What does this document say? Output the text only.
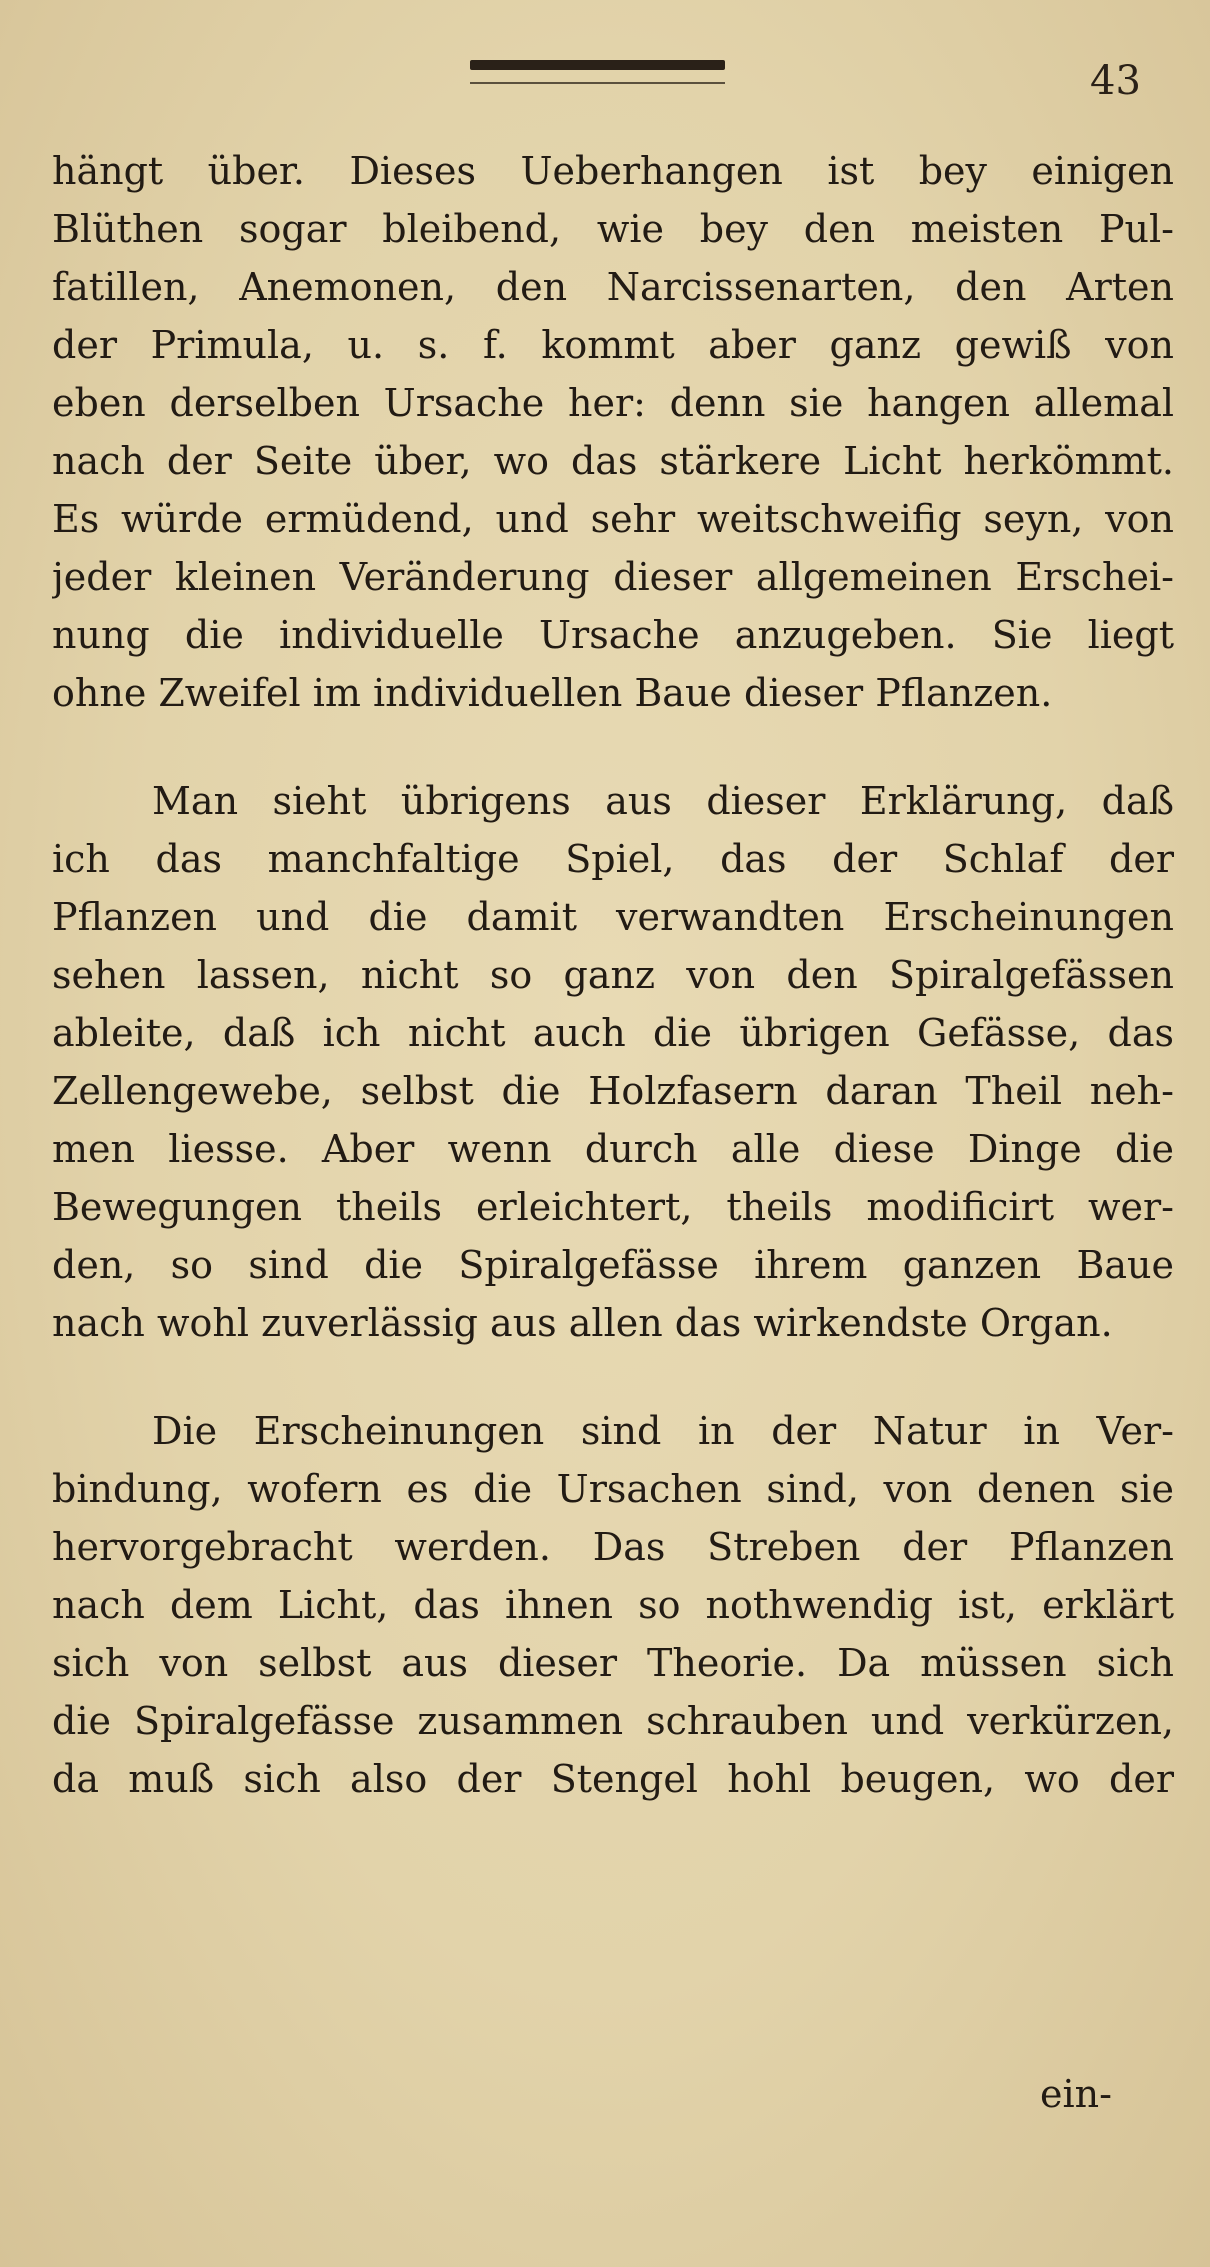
43
hängt über. Dieses Ueberhangen ist bey einigen
Blüthen sogar bleibend, wie bey den meisten Pul-
fatillen, Anemonen, den Narcissenarten, den Arten
der Primula, u. s. f. kommt aber ganz gewiß von
eben derselben Ursache her: denn sie hangen allemal
nach der Seite über, wo das stärkere Licht herkömmt.
Es würde ermüdend, und sehr weitschweifig seyn, von
jeder kleinen Veränderung dieser allgemeinen Erschei-
nung die individuelle Ursache anzugeben. Sie liegt
ohne Zweifel im individuellen Baue dieser Pflanzen.
Man sieht übrigens aus dieser Erklärung, daß
ich das manchfaltige Spiel, das der Schlaf der
Pflanzen und die damit verwandten Erscheinungen
sehen lassen, nicht so ganz von den Spiralgefässen
ableite, daß ich nicht auch die übrigen Gefässe, das
Zellengewebe, selbst die Holzfasern daran Theil neh-
men liesse. Aber wenn durch alle diese Dinge die
Bewegungen theils erleichtert, theils modificirt wer-
den, so sind die Spiralgefässe ihrem ganzen Baue
nach wohl zuverlässig aus allen das wirkendste Organ.
Die Erscheinungen sind in der Natur in Ver-
bindung, wofern es die Ursachen sind, von denen sie
hervorgebracht werden. Das Streben der Pflanzen
nach dem Licht, das ihnen so nothwendig ist, erklärt
sich von selbst aus dieser Theorie. Da müssen sich
die Spiralgefässe zusammen schrauben und verkürzen,
da muß sich also der Stengel hohl beugen, wo der
ein-
